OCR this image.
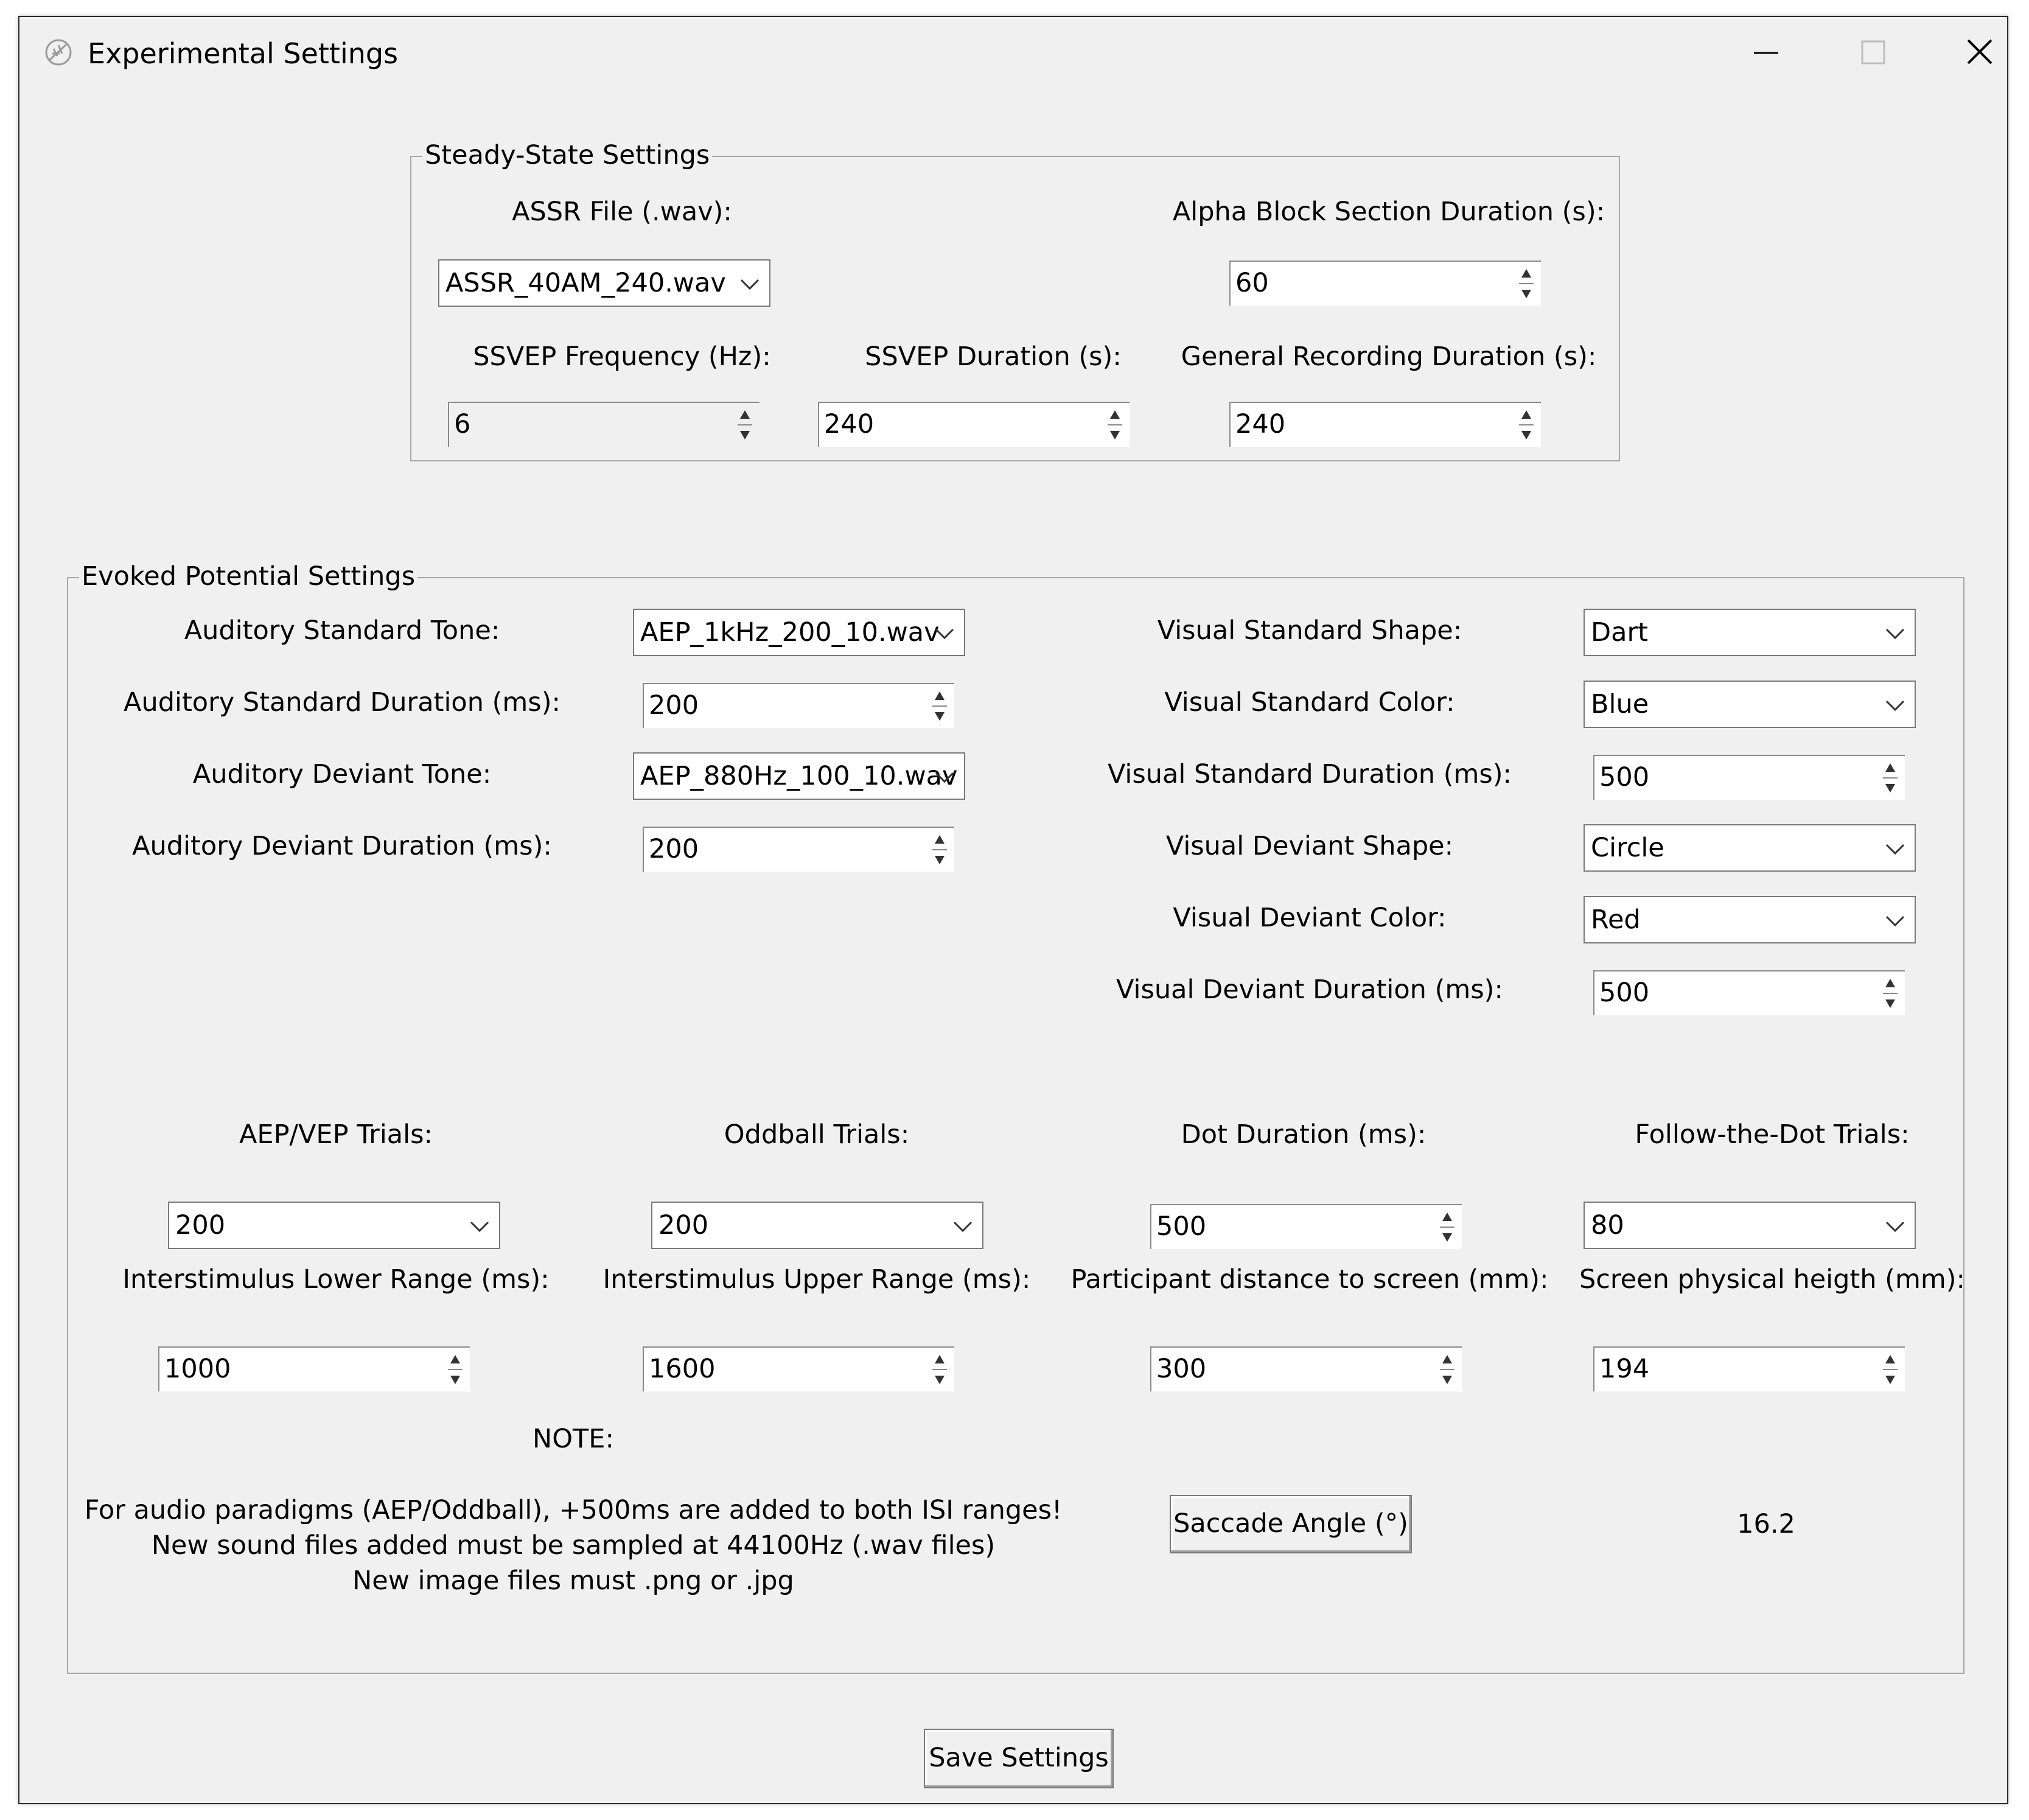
Experimental Settings
Steady-State Settings
ASSR File (.wav):
ASSR_40AM_240.wav
Alpha Block Section Duration (s):
60
SSVEP Frequency (Hz):
6
SSVEP Duration (s):
240
General Recording Duration (s):
240
Evoked Potential Settings
Auditory Standard Tone:	AEP_1kHz_200_10.wav
Auditory Standard Duration (ms):	200
Auditory Deviant Tone:	AEP_880Hz_100_10.wav
Auditory Deviant Duration (ms):	200
Visual Standard Shape:	Dart
Visual Standard Color:	Blue
Visual Standard Duration (ms):	500
Visual Deviant Shape:	Circle
Visual Deviant Color:	Red
Visual Deviant Duration (ms):	500
AEP/VEP Trials:
200
Oddball Trials:
200
Dot Duration (ms):
500
Follow-the-Dot Trials:
80
Interstimulus Lower Range (ms):
1000
Interstimulus Upper Range (ms):
1600
Participant distance to screen (mm):
300
Screen physical heigth (mm):
194
NOTE:
For audio paradigms (AEP/Oddball), +500ms are added to both ISI ranges!
New sound files added must be sampled at 44100Hz (.wav files)
New image files must .png or .jpg
Saccade Angle (°)	16.2
Save Settings
